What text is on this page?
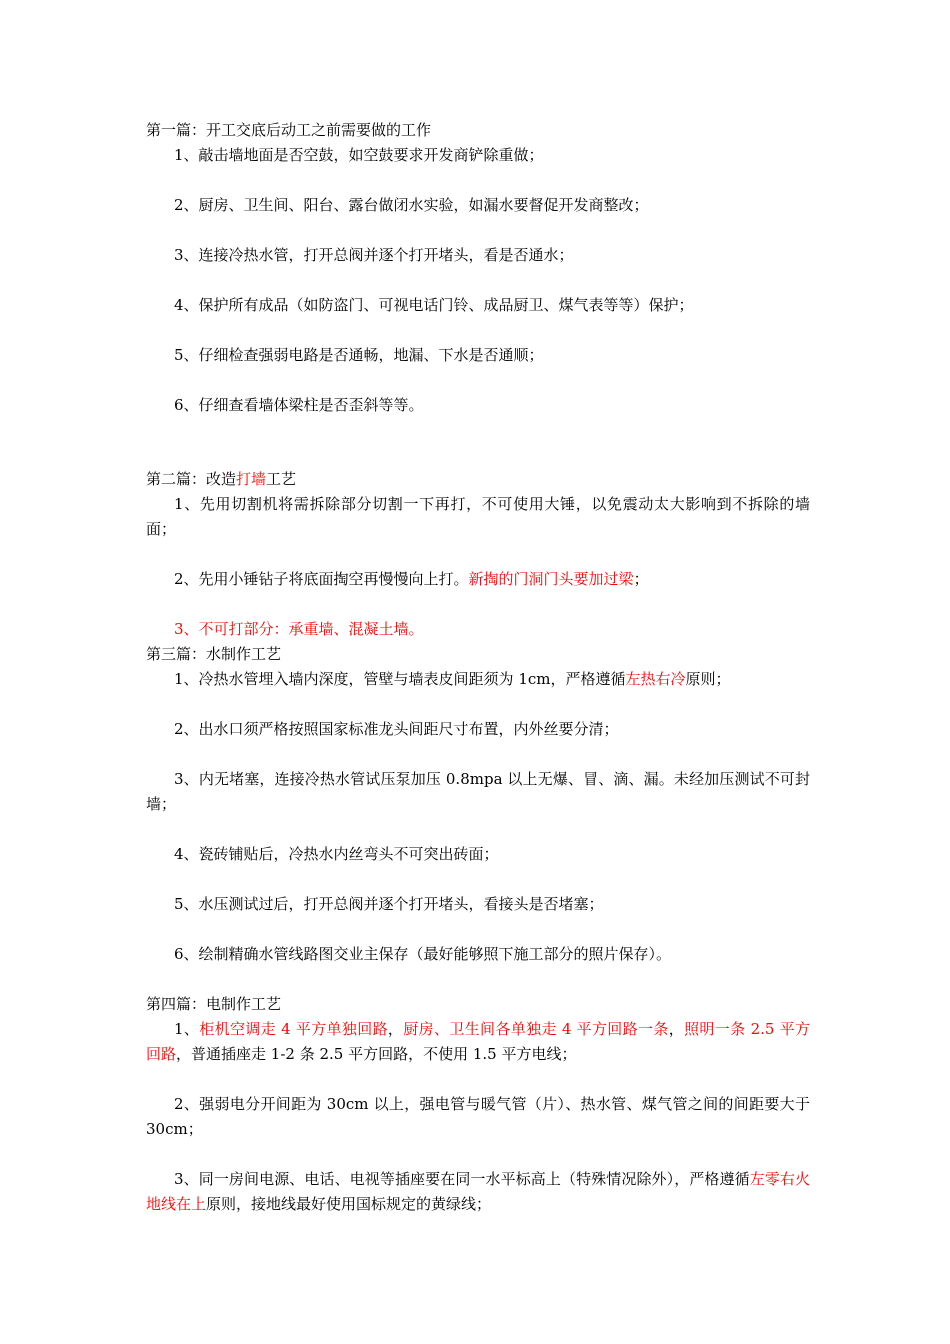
第一篇：开工交底后动工之前需要做的工作

1、敲击墙地面是否空鼓，如空鼓要求开发商铲除重做；

2、厨房、卫生间、阳台、露台做闭水实验，如漏水要督促开发商整改；

3、连接冷热水管，打开总阀并逐个打开堵头，看是否通水；

4、保护所有成品（如防盗门、可视电话门铃、成品厨卫、煤气表等等）保护；

5、仔细检查强弱电路是否通畅，地漏、下水是否通顺；

6、仔细查看墙体梁柱是否歪斜等等。

第二篇：改造打墙工艺

1、先用切割机将需拆除部分切割一下再打，不可使用大锤，以免震动太大影响到不拆除的墙面；

2、先用小锤钻子将底面掏空再慢慢向上打。新掏的门洞门头要加过梁；

3、不可打部分：承重墙、混凝土墙。

第三篇：水制作工艺

1、冷热水管埋入墙内深度，管壁与墙表皮间距须为 1cm，严格遵循左热右冷原则；

2、出水口须严格按照国家标准龙头间距尺寸布置，内外丝要分清；

3、内无堵塞，连接冷热水管试压泵加压 0.8mpa 以上无爆、冒、滴、漏。未经加压测试不可封墙；

4、瓷砖铺贴后，冷热水内丝弯头不可突出砖面；

5、水压测试过后，打开总阀并逐个打开堵头，看接头是否堵塞；

6、绘制精确水管线路图交业主保存（最好能够照下施工部分的照片保存）。

第四篇：电制作工艺

1、柜机空调走 4 平方单独回路，厨房、卫生间各单独走 4 平方回路一条，照明一条 2.5 平方回路，普通插座走 1-2 条 2.5 平方回路，不使用 1.5 平方电线；

2、强弱电分开间距为 30cm 以上，强电管与暖气管（片）、热水管、煤气管之间的间距要大于 30cm；

3、同一房间电源、电话、电视等插座要在同一水平标高上（特殊情况除外），严格遵循左零右火地线在上原则，接地线最好使用国标规定的黄绿线；
